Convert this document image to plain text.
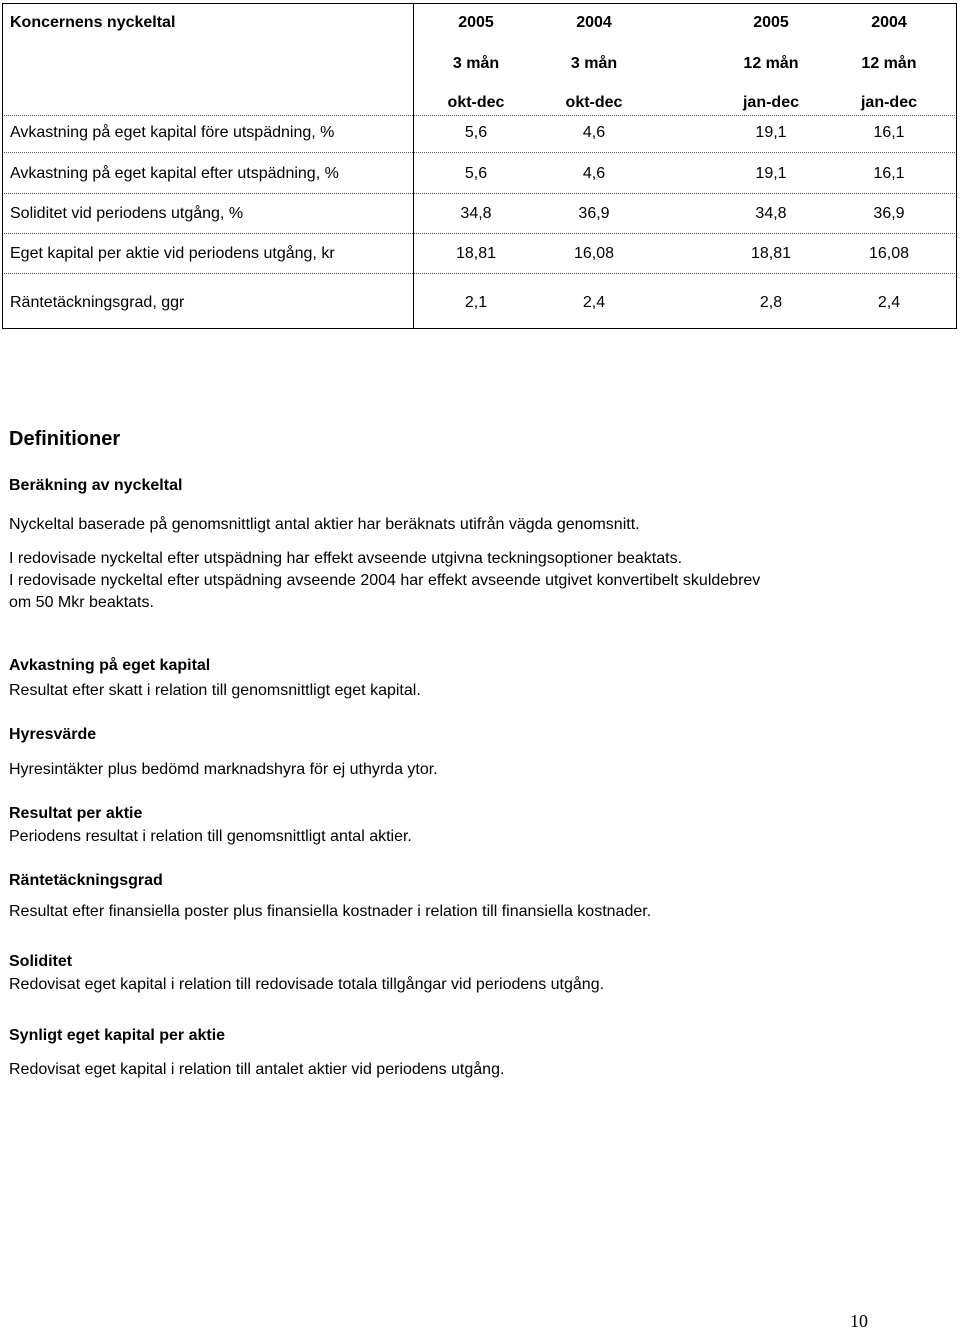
Koncernens nyckeltal	2005	2004	2005	2004
3 mån	3 mån	12 mån	12 mån
okt-dec	okt-dec	jan-dec	jan-dec
Avkastning på eget kapital före utspädning, %	5,6	4,6	19,1	16,1
Avkastning på eget kapital efter utspädning, %	5,6	4,6	19,1	16,1
Soliditet vid periodens utgång, %	34,8	36,9	34,8	36,9
Eget kapital per aktie vid periodens utgång, kr	18,81	16,08	18,81	16,08
Räntetäckningsgrad, ggr	2,1	2,4	2,8	2,4
Definitioner
Beräkning av nyckeltal
Nyckeltal baserade på genomsnittligt antal aktier har beräknats utifrån vägda genomsnitt.
I redovisade nyckeltal efter utspädning har effekt avseende utgivna teckningsoptioner beaktats.
I redovisade nyckeltal efter utspädning avseende 2004 har effekt avseende utgivet konvertibelt skuldebrev
om 50 Mkr beaktats.
Avkastning på eget kapital
Resultat efter skatt i relation till genomsnittligt eget kapital.
Hyresvärde
Hyresintäkter plus bedömd marknadshyra för ej uthyrda ytor.
Resultat per aktie
Periodens resultat i relation till genomsnittligt antal aktier.
Räntetäckningsgrad
Resultat efter finansiella poster plus finansiella kostnader i relation till finansiella kostnader.
Soliditet
Redovisat eget kapital i relation till redovisade totala tillgångar vid periodens utgång.
Synligt eget kapital per aktie
Redovisat eget kapital i relation till antalet aktier vid periodens utgång.
10
